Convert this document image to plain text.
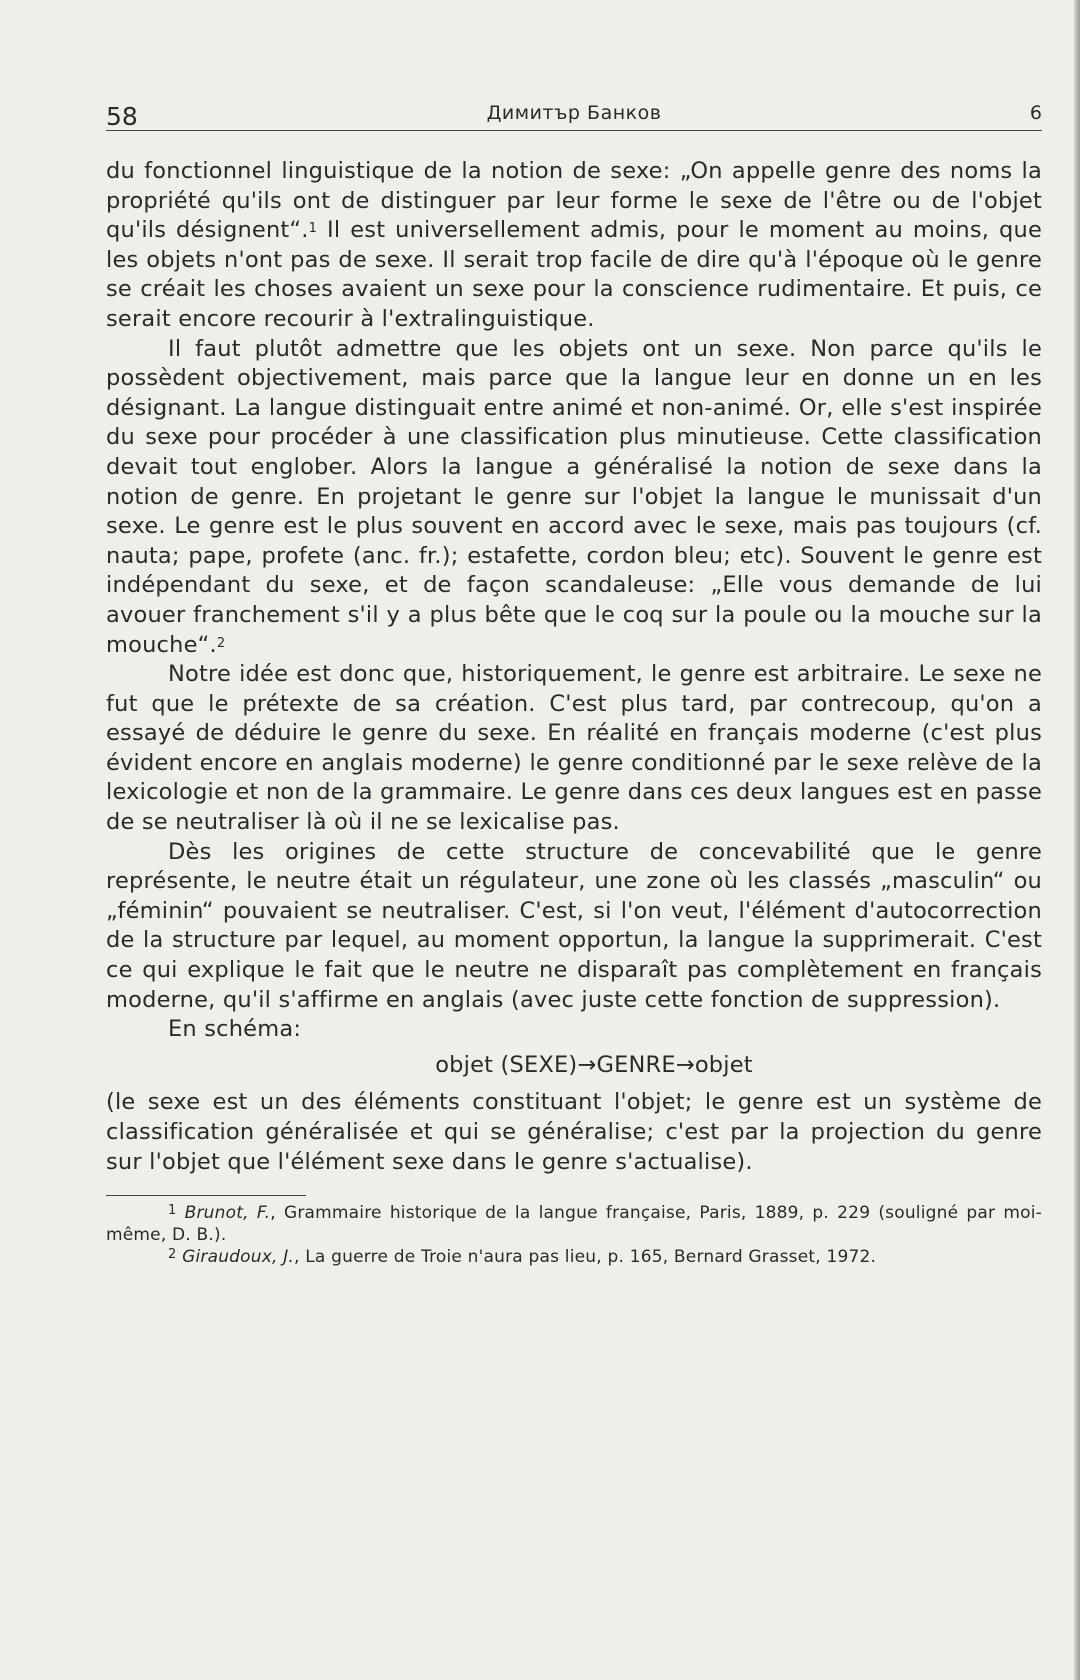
58	Димитър Банков	6

du fonctionnel linguistique de la notion de sexe: „On appelle genre des noms la propriété qu'ils ont de distinguer par leur forme le sexe de l'être ou de l'objet qu'ils désignent“.$^1$ Il est universellement admis, pour le moment au moins, que les objets n'ont pas de sexe. Il serait trop facile de dire qu'à l'époque où le genre se créait les choses avaient un sexe pour la conscience rudimentaire. Et puis, ce serait encore recourir à l'extralinguistique.

Il faut plutôt admettre que les objets ont un sexe. Non parce qu'ils le possèdent objectivement, mais parce que la langue leur en donne un en les désignant. La langue distinguait entre animé et non-animé. Or, elle s'est inspirée du sexe pour procéder à une classification plus minutieuse. Cette classification devait tout englober. Alors la langue a généralisé la notion de sexe dans la notion de genre. En projetant le genre sur l'objet la langue le munissait d'un sexe. Le genre est le plus souvent en accord avec le sexe, mais pas toujours (cf. nauta; pape, profete (anc. fr.); estafette, cordon bleu; etc). Souvent le genre est indépendant du sexe, et de façon scandaleuse: „Elle vous demande de lui avouer franchement s'il y a plus bête que le coq sur la poule ou la mouche sur la mouche“.$^2$

Notre idée est donc que, historiquement, le genre est arbitraire. Le sexe ne fut que le prétexte de sa création. C'est plus tard, par contrecoup, qu'on a essayé de déduire le genre du sexe. En réalité en français moderne (c'est plus évident encore en anglais moderne) le genre conditionné par le sexe relève de la lexicologie et non de la grammaire. Le genre dans ces deux langues est en passe de se neutraliser là où il ne se lexicalise pas.

Dès les origines de cette structure de concevabilité que le genre représente, le neutre était un régulateur, une zone où les classés „masculin“ ou „féminin“ pouvaient se neutraliser. C'est, si l'on veut, l'élément d'autocorrection de la structure par lequel, au moment opportun, la langue la supprimerait. C'est ce qui explique le fait que le neutre ne disparaît pas complètement en français moderne, qu'il s'affirme en anglais (avec juste cette fonction de suppression).

En schéma:

objet (SEXE)→GENRE→objet

(le sexe est un des éléments constituant l'objet; le genre est un système de classification généralisée et qui se généralise; c'est par la projection du genre sur l'objet que l'élément sexe dans le genre s'actualise).

$^1$ Brunot, F., Grammaire historique de la langue française, Paris, 1889, p. 229 (souligné par moi-même, D. B.).

$^2$ Giraudoux, J., La guerre de Troie n'aura pas lieu, p. 165, Bernard Grasset, 1972.
